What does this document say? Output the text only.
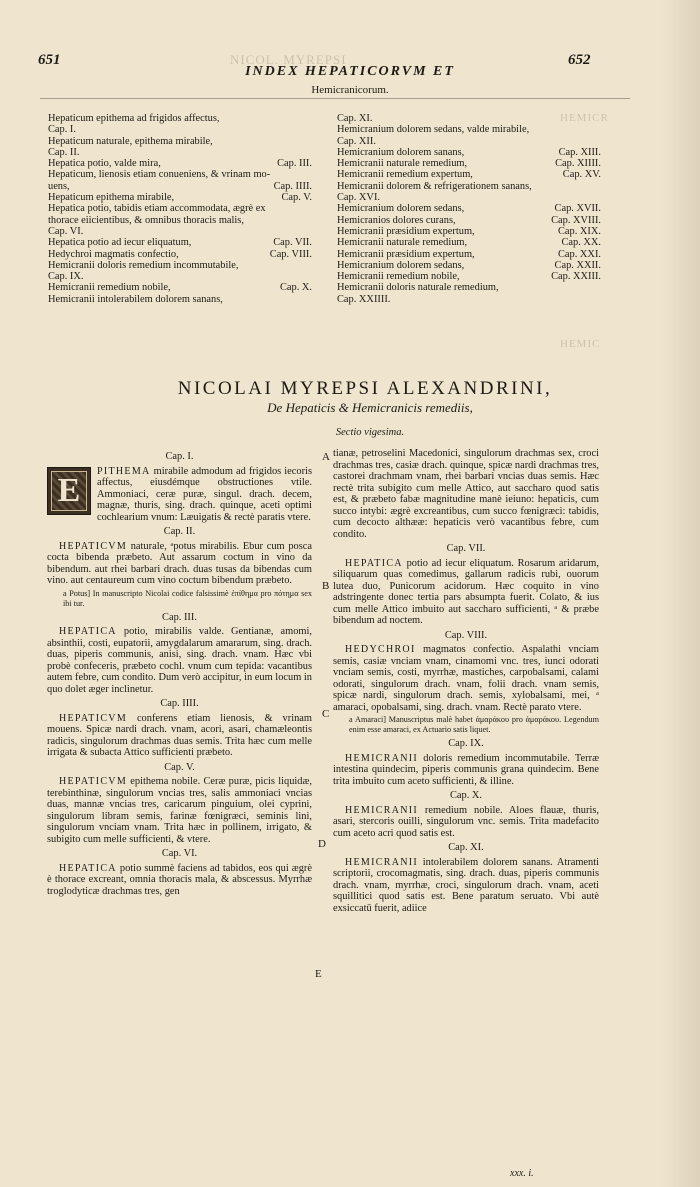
NICOL. MYREPSI
HEMICR
HEMIC
651	652
INDEX HEPATICORVM ET
Hemicranicorum.
Hepaticum epithema ad frigidos affectus,
Cap. I.
Hepaticum naturale, epithema mirabile,
Cap. II.
Hepatica potio, valde mira,	Cap. III.
Hepaticum, lienosis etiam conueniens, & vrinam mo-
uens,	Cap. IIII.
Hepaticum epithema mirabile,	Cap. V.
Hepatica potio, tabidis etiam accommodata, ægrè ex
thorace eiicientibus, & omnibus thoracis malis,
Cap. VI.
Hepatica potio ad iecur eliquatum,	Cap. VII.
Hedychroi magmatis confectio,	Cap. VIII.
Hemicranii doloris remedium incommutabile,
Cap. IX.
Hemicranii remedium nobile,	Cap. X.
Hemicranii intolerabilem dolorem sanans,
Cap. XI.
Hemicranium dolorem sedans, valde mirabile,
Cap. XII.
Hemicranium dolorem sanans,	Cap. XIII.
Hemicranii naturale remedium,	Cap. XIIII.
Hemicranii remedium expertum,	Cap. XV.
Hemicranii dolorem & refrigerationem sanans,
Cap. XVI.
Hemicranium dolorem sedans,	Cap. XVII.
Hemicranios dolores curans,	Cap. XVIII.
Hemicranii præsidium expertum,	Cap. XIX.
Hemicranii naturale remedium,	Cap. XX.
Hemicranii præsidium expertum,	Cap. XXI.
Hemicranium dolorem sedans,	Cap. XXII.
Hemicranii remedium nobile,	Cap. XXIII.
Hemicranii doloris naturale remedium,
Cap. XXIIII.
NICOLAI MYREPSI ALEXANDRINI,
De Hepaticis & Hemicranicis remediis,
Sectio vigesima.
A
B
C
D
E

Cap. I.

E
PITHEMA mirabile admodum ad frigidos iecoris affectus, eiusdémque obstructiones vtile. Ammoniaci, ceræ puræ, singul. drach. decem, magnæ, thuris, sing. drach. quinque, aceti optimi cochlearium vnum: Læuigatis & rectè paratis vtere.

Cap. II.

HEPATICVM naturale, ᵃpotus mirabilis. Ebur cum posca cocta bibenda præbeto. Aut assarum coctum in vino da bibendum. aut rhei barbari drach. duas tusas da bibendas cum vino. aut centaureum cum vino coctum bibendum præbeto.

a Potus] In manuscripto Nicolai codice falsissimè ἐπίθημα pro πότημα sex ibi tur.

Cap. III.

HEPATICA potio, mirabilis valde. Gentianæ, amomi, absinthii, costi, eupatorii, amygdalarum amararum, sing. drach. duas, piperis communis, anisi, sing. drach. vnam. Hæc vbi probè confeceris, præbeto cochl. vnum cum tepida: vacantibus autem febre, cum condito. Dum verò accipitur, in eum locum in quo dolet æger inclinetur.

Cap. IIII.

HEPATICVM conferens etiam lienosis, & vrinam mouens. Spicæ nardi drach. vnam, acori, asari, chamæleontis radicis, singulorum drachmas duas semis. Trita hæc cum melle irrigata & subacta Attico sufficienti præbeto.

Cap. V.

HEPATICVM epithema nobile. Ceræ puræ, picis liquidæ, terebinthinæ, singulorum vncias tres, salis ammoniaci vncias duas, mannæ vncias tres, caricarum pinguium, olei cyprini, singulorum libram semis, farinæ fœnigræci, seminis lini, singulorum vnciam vnam. Trita hæc in pollinem, irrigato, & subigito cum melle sufficienti, & vtere.

Cap. VI.

HEPATICA potio summè faciens ad tabidos, eos qui ægrè è thorace excreant, omnia thoracis mala, & abscessus. Myrrhæ troglodyticæ drachmas tres, gen

tianæ, petroselini Macedonici, singulorum drachmas sex, croci drachmas tres, casiæ drach. quinque, spicæ nardi drachmas tres, castorei drachmam vnam, rhei barbari vncias duas semis. Hæc rectè trita subigito cum melle Attico, aut saccharo quod satis est, & præbeto fabæ magnitudine manè ieiuno: hepaticis, cum succo intybi: ægrè excreantibus, cum succo fœnigræci: tabidis, cum decocto althææ: hepaticis verò vacantibus febre, cum condito.

Cap. VII.

HEPATICA potio ad iecur eliquatum. Rosarum aridarum, siliquarum quas comedimus, gallarum radicis rubi, ouorum lutea duo, Punicorum acidorum. Hæc coquito in vino adstringente donec tertia pars absumpta fuerit. Colato, & ius cum melle Attico imbuito aut saccharo sufficienti, ᵃ & præbe bibendum ad noctem.

Cap. VIII.

HEDYCHROI magmatos confectio. Aspalathi vnciam semis, casiæ vnciam vnam, cinamomi vnc. tres, iunci odorati vnciam semis, costi, myrrhæ, mastiches, carpobalsami, calami odorati, singulorum drach. vnam, folii drach. vnam semis, spicæ nardi, singulorum drach. semis, xylobalsami, mei, ᵃ amaraci, opobalsami, sing. drach. vnam. Rectè parato vtere.

a Amaraci] Manuscriptus malè habet ἀμαράκου pro ἀμαράκου. Legendum enim esse amaraci, ex Actuario satis liquet.

Cap. IX.

HEMICRANII doloris remedium incommutabile. Terræ intestina quindecim, piperis communis grana quindecim. Bene trita imbuito cum aceto sufficienti, & illine.

Cap. X.

HEMICRANII remedium nobile. Aloes flauæ, thuris, asari, stercoris ouilli, singulorum vnc. semis. Trita madefacito cum aceto acri quod satis est.

Cap. XI.

HEMICRANII intolerabilem dolorem sanans. Atramenti scriptorii, crocomagmatis, sing. drach. duas, piperis communis drach. vnam, myrrhæ, croci, singulorum drach. vnam, aceti squillitici quod satis est. Bene paratum seruato. Vbi autè exsiccatū fuerit, adiice

xxx. i.
